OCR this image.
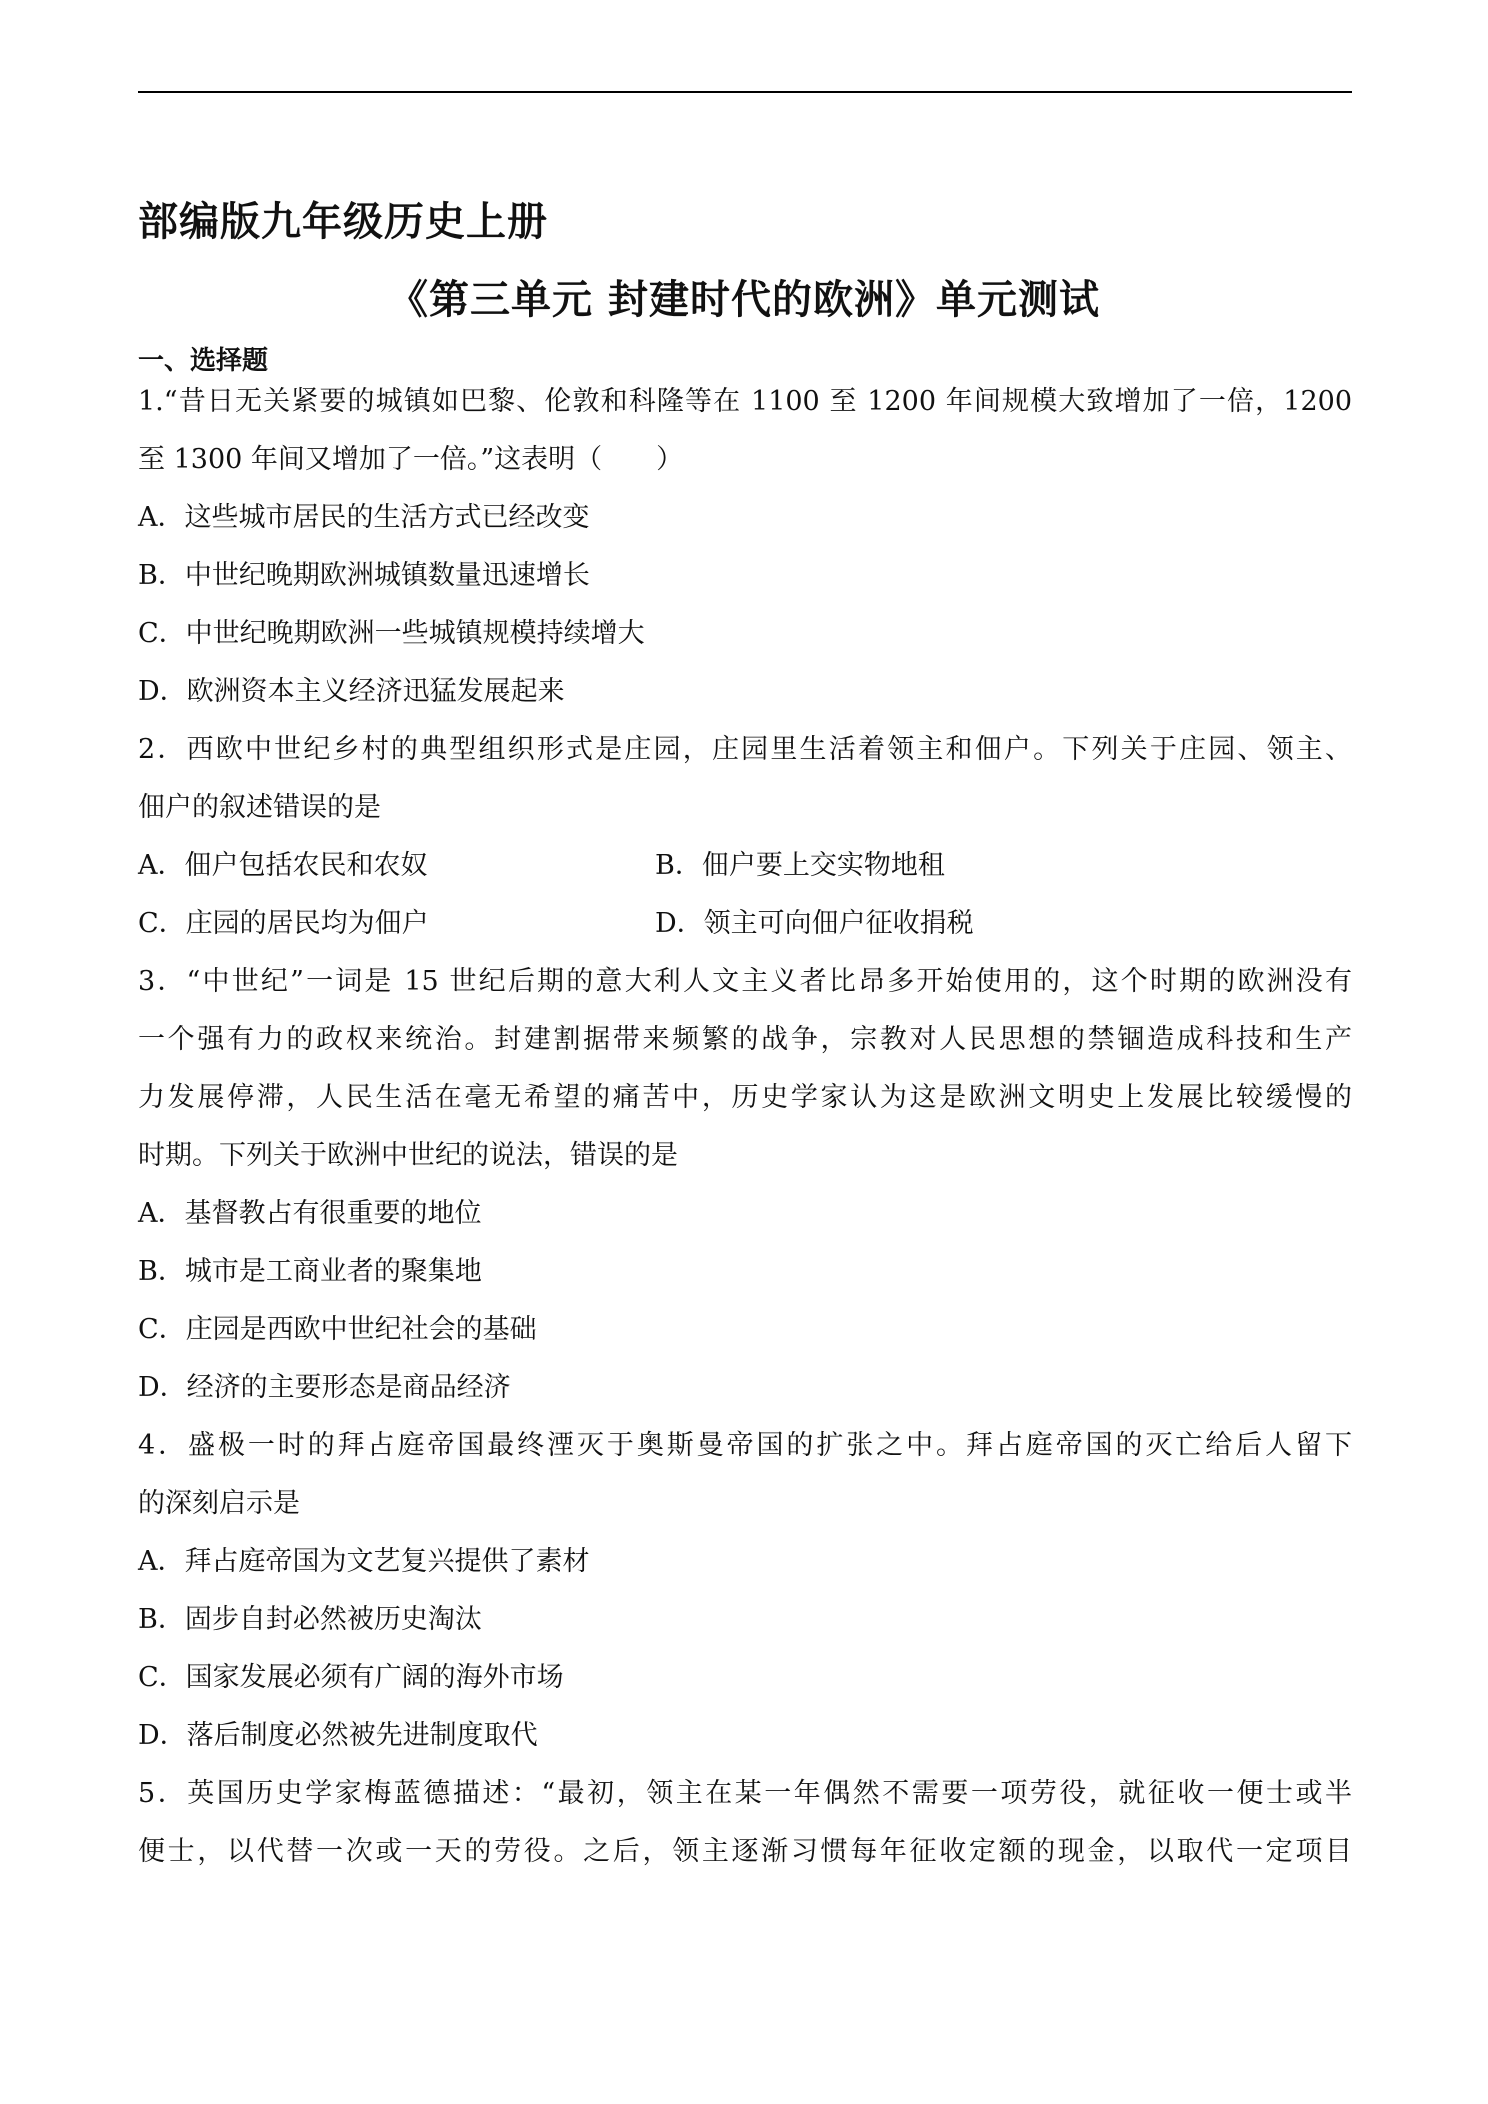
部编版九年级历史上册
《第三单元 封建时代的欧洲》单元测试
一、选择题
1.“昔日无关紧要的城镇如巴黎、伦敦和科隆等在 1100 至 1200 年间规模大致增加了一倍，1200
至 1300 年间又增加了一倍。”这表明（　　）
A．这些城市居民的生活方式已经改变
B．中世纪晚期欧洲城镇数量迅速增长
C．中世纪晚期欧洲一些城镇规模持续增大
D．欧洲资本主义经济迅猛发展起来
2．西欧中世纪乡村的典型组织形式是庄园，庄园里生活着领主和佃户。下列关于庄园、领主、
佃户的叙述错误的是
A．佃户包括农民和农奴	B．佃户要上交实物地租
C．庄园的居民均为佃户	D．领主可向佃户征收捐税
3．“中世纪”一词是 15 世纪后期的意大利人文主义者比昂多开始使用的，这个时期的欧洲没有
一个强有力的政权来统治。封建割据带来频繁的战争，宗教对人民思想的禁锢造成科技和生产
力发展停滞，人民生活在毫无希望的痛苦中，历史学家认为这是欧洲文明史上发展比较缓慢的
时期。下列关于欧洲中世纪的说法，错误的是
A．基督教占有很重要的地位
B．城市是工商业者的聚集地
C．庄园是西欧中世纪社会的基础
D．经济的主要形态是商品经济
4．盛极一时的拜占庭帝国最终湮灭于奥斯曼帝国的扩张之中。拜占庭帝国的灭亡给后人留下
的深刻启示是
A．拜占庭帝国为文艺复兴提供了素材
B．固步自封必然被历史淘汰
C．国家发展必须有广阔的海外市场
D．落后制度必然被先进制度取代
5．英国历史学家梅蓝德描述：“最初，领主在某一年偶然不需要一项劳役，就征收一便士或半
便士，以代替一次或一天的劳役。之后，领主逐渐习惯每年征收定额的现金，以取代一定项目
